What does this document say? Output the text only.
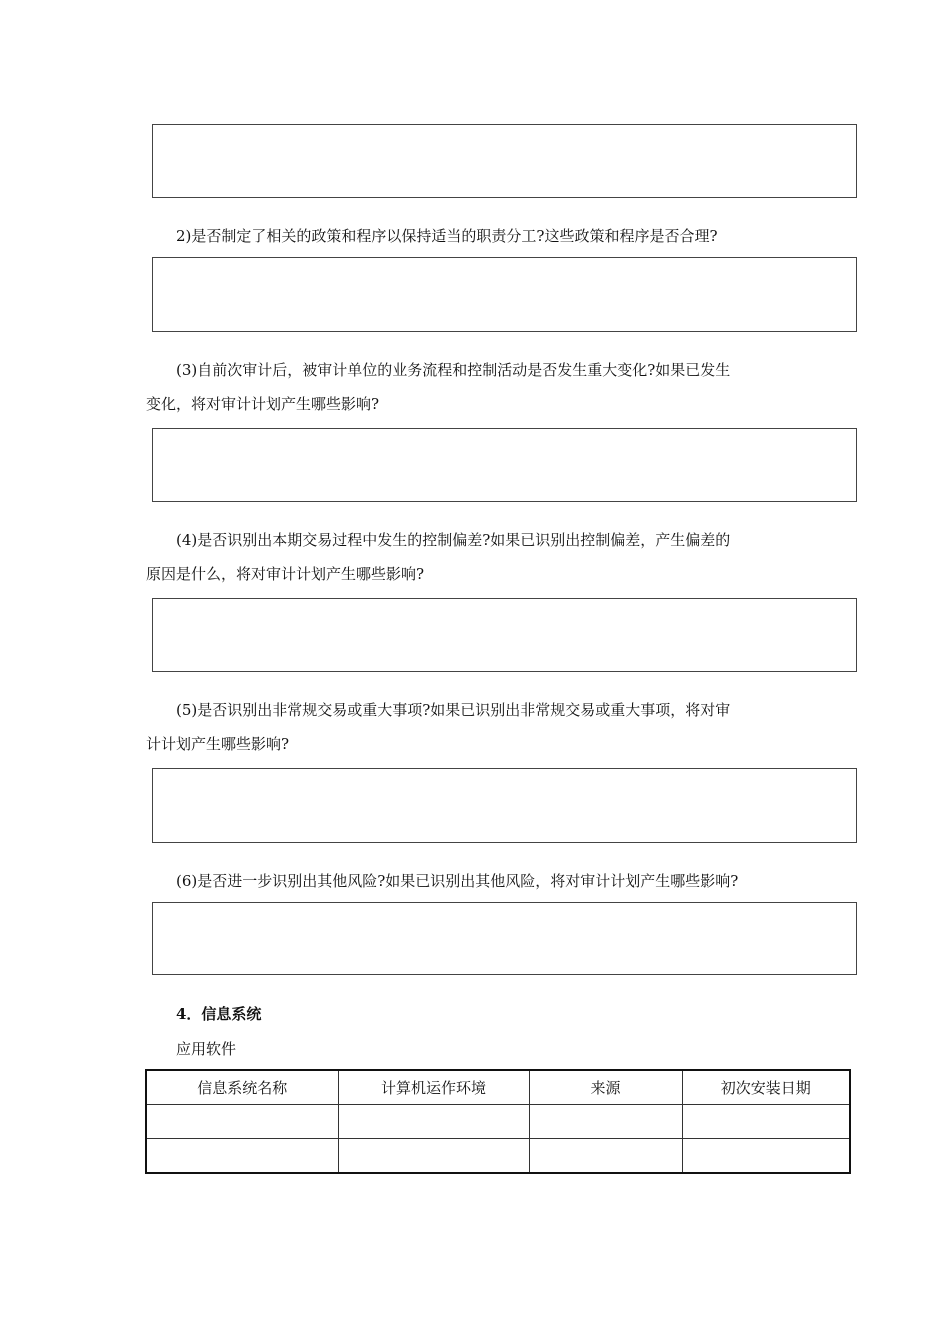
2)是否制定了相关的政策和程序以保持适当的职责分工?这些政策和程序是否合理?

(3)自前次审计后，被审计单位的业务流程和控制活动是否发生重大变化?如果已发生
变化，将对审计计划产生哪些影响?

(4)是否识别出本期交易过程中发生的控制偏差?如果已识别出控制偏差，产生偏差的
原因是什么，将对审计计划产生哪些影响?

(5)是否识别出非常规交易或重大事项?如果已识别出非常规交易或重大事项，将对审
计计划产生哪些影响?

(6)是否进一步识别出其他风险?如果已识别出其他风险，将对审计计划产生哪些影响?

4．信息系统

应用软件

信息系统名称	计算机运作环境	来源	初次安装日期
